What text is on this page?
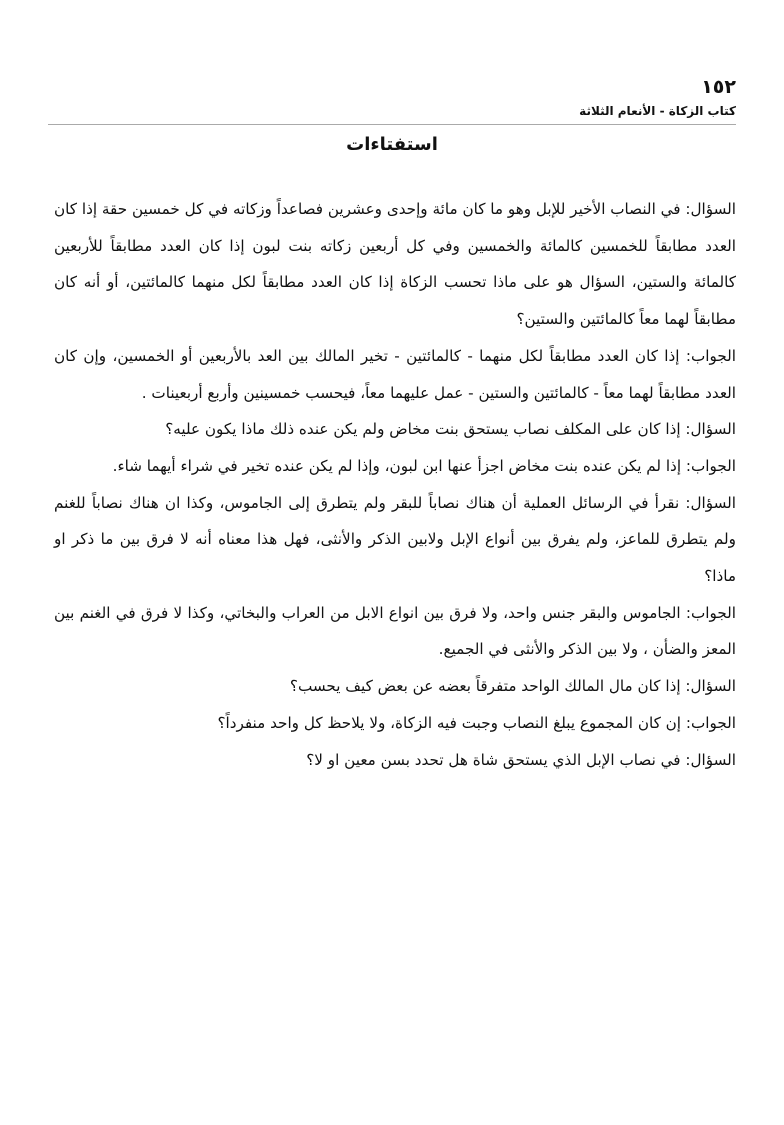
١٥٢
كتاب الزكاة - الأنعام الثلاثة
استفتاءات

السؤال: في النصاب الأخير للإبل وهو ما كان مائة وإحدى وعشرين فصاعداً وزكاته في كل خمسين حقة إذا كان العدد مطابقاً للخمسين كالمائة والخمسين وفي كل أربعين زكاته بنت لبون إذا كان العدد مطابقاً للأربعين كالمائة والستين، السؤال هو على ماذا تحسب الزكاة إذا كان العدد مطابقاً لكل منهما كالمائتين، أو أنه كان مطابقاً لهما معاً كالمائتين والستين؟

الجواب: إذا كان العدد مطابقاً لكل منهما - كالمائتين - تخير المالك بين العد بالأربعين أو الخمسين، وإن كان العدد مطابقاً لهما معاً - كالمائتين والستين - عمل عليهما معاً، فيحسب خمسينين وأربع أربعينات .

السؤال: إذا كان على المكلف نصاب يستحق بنت مخاض ولم يكن عنده ذلك ماذا يكون عليه؟

الجواب: إذا لم يكن عنده بنت مخاض اجزأ عنها ابن لبون، وإذا لم يكن عنده تخير في شراء أيهما شاء.

السؤال: نقرأ في الرسائل العملية أن هناك نصاباً للبقر ولم يتطرق إلى الجاموس، وكذا ان هناك نصاباً للغنم ولم يتطرق للماعز، ولم يفرق بين أنواع الإبل ولابين الذكر والأنثى، فهل هذا معناه أنه لا فرق بين ما ذكر او ماذا؟

الجواب: الجاموس والبقر جنس واحد، ولا فرق بين انواع الابل من العراب والبخاتي، وكذا لا فرق في الغنم بين المعز والضأن ، ولا بين الذكر والأنثى في الجميع.

السؤال: إذا كان مال المالك الواحد متفرقاً بعضه عن بعض كيف يحسب؟

الجواب: إن كان المجموع يبلغ النصاب وجبت فيه الزكاة، ولا يلاحظ كل واحد منفرداً؟

السؤال: في نصاب الإبل الذي يستحق شاة هل تحدد بسن معين او لا؟
